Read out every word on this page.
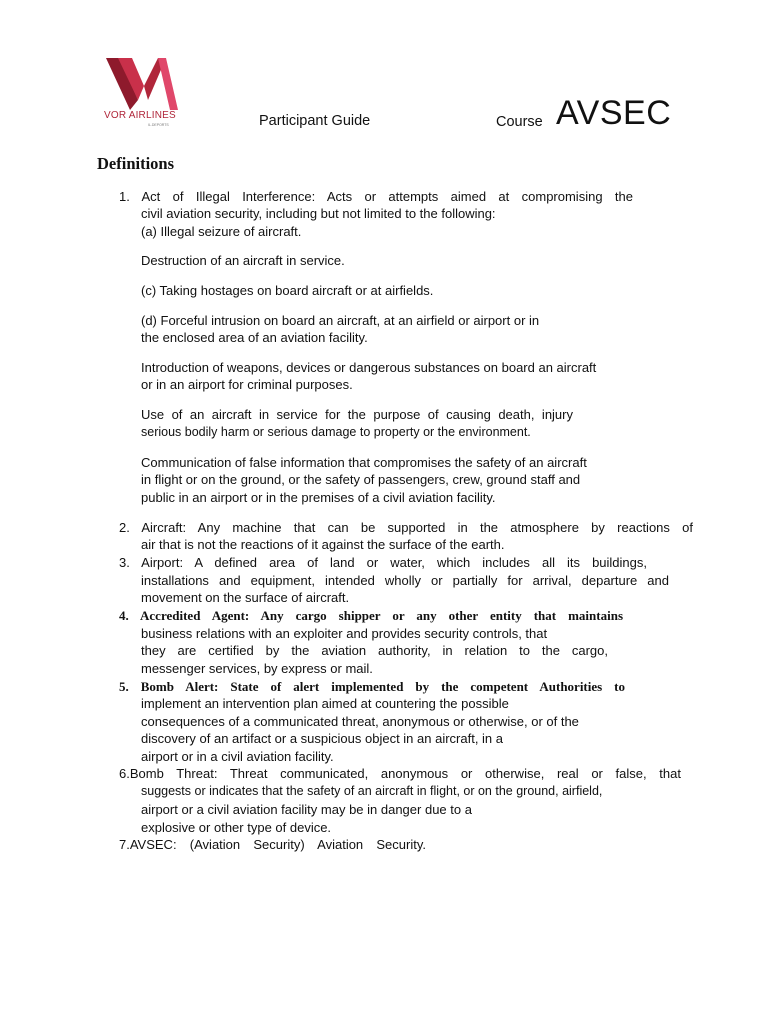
VOR AIRLINES
IL.DEPORTS	Participant Guide	Course AVSEC
Definitions
1. Act of Illegal Interference: Acts or attempts aimed at compromising the
civil aviation security, including but not limited to the following:
(a) Illegal seizure of aircraft.
Destruction of an aircraft in service.
(c) Taking hostages on board aircraft or at airfields.
(d) Forceful intrusion on board an aircraft, at an airfield or airport or in
the enclosed area of an aviation facility.
Introduction of weapons, devices or dangerous substances on board an aircraft
or in an airport for criminal purposes.
Use of an aircraft in service for the purpose of causing death, injury
serious bodily harm or serious damage to property or the environment.
Communication of false information that compromises the safety of an aircraft
in flight or on the ground, or the safety of passengers, crew, ground staff and
public in an airport or in the premises of a civil aviation facility.
2. Aircraft: Any machine that can be supported in the atmosphere by reactions of
air that is not the reactions of it against the surface of the earth.
3. Airport: A defined area of land or water, which includes all its buildings,
installations and equipment, intended wholly or partially for arrival, departure and
movement on the surface of aircraft.
4. Accredited Agent: Any cargo shipper or any other entity that maintains
business relations with an exploiter and provides security controls, that
they are certified by the aviation authority, in relation to the cargo,
messenger services, by express or mail.
5. Bomb Alert: State of alert implemented by the competent Authorities to
implement an intervention plan aimed at countering the possible
consequences of a communicated threat, anonymous or otherwise, or of the
discovery of an artifact or a suspicious object in an aircraft, in a
airport or in a civil aviation facility.
6.Bomb Threat: Threat communicated, anonymous or otherwise, real or false, that
suggests or indicates that the safety of an aircraft in flight, or on the ground, airfield,
airport or a civil aviation facility may be in danger due to a
explosive or other type of device.
7.AVSEC: (Aviation Security) Aviation Security.
